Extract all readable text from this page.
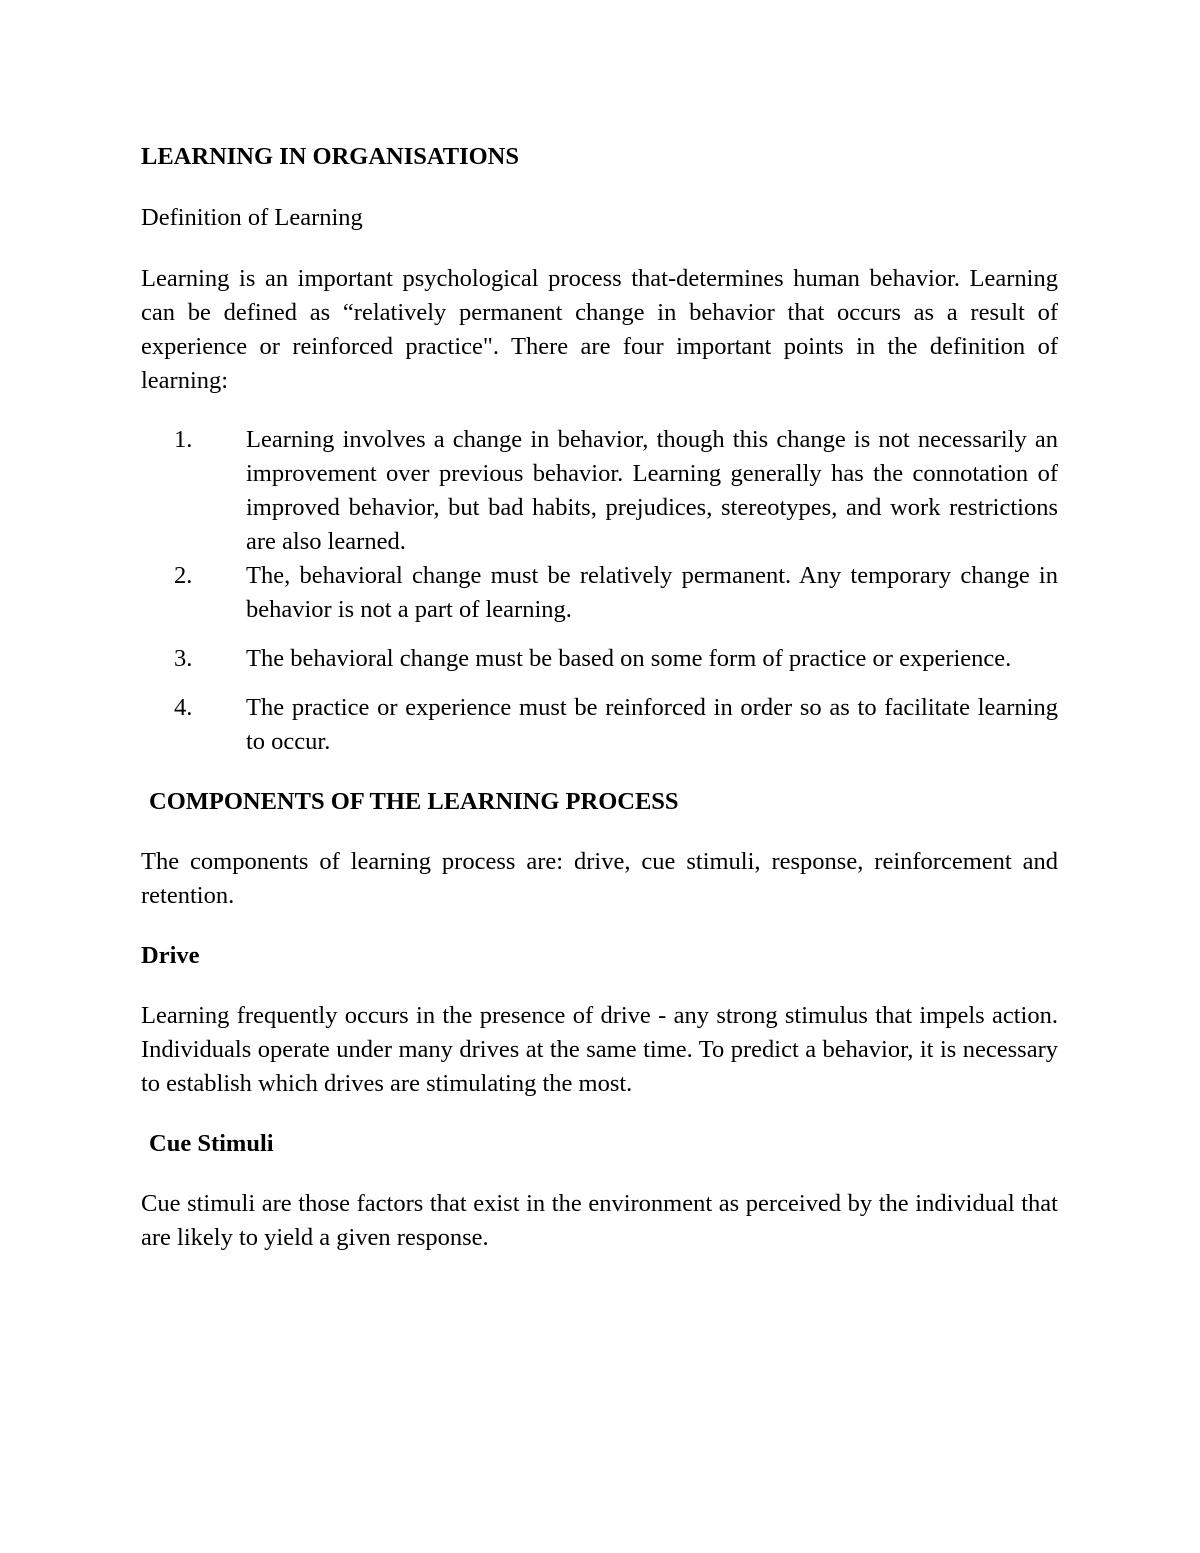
LEARNING IN ORGANISATIONS

Definition of Learning

Learning is an important psychological process that-determines human behavior. Learning can be defined as “relatively permanent change in behavior that occurs as a result of experience or reinforced practice". There are four important points in the definition of learning:

1. Learning involves a change in behavior, though this change is not necessarily an improvement over previous behavior. Learning generally has the connotation of improved behavior, but bad habits, prejudices, stereotypes, and work restrictions are also learned.
2. The, behavioral change must be relatively permanent. Any temporary change in behavior is not a part of learning.
3. The behavioral change must be based on some form of practice or experience.
4. The practice or experience must be reinforced in order so as to facilitate learning to occur.

COMPONENTS OF THE LEARNING PROCESS

The components of learning process are: drive, cue stimuli, response, reinforcement and retention.

Drive

Learning frequently occurs in the presence of drive - any strong stimulus that impels action. Individuals operate under many drives at the same time. To predict a behavior, it is necessary to establish which drives are stimulating the most.

Cue Stimuli

Cue stimuli are those factors that exist in the environment as perceived by the individual that are likely to yield a given response.
